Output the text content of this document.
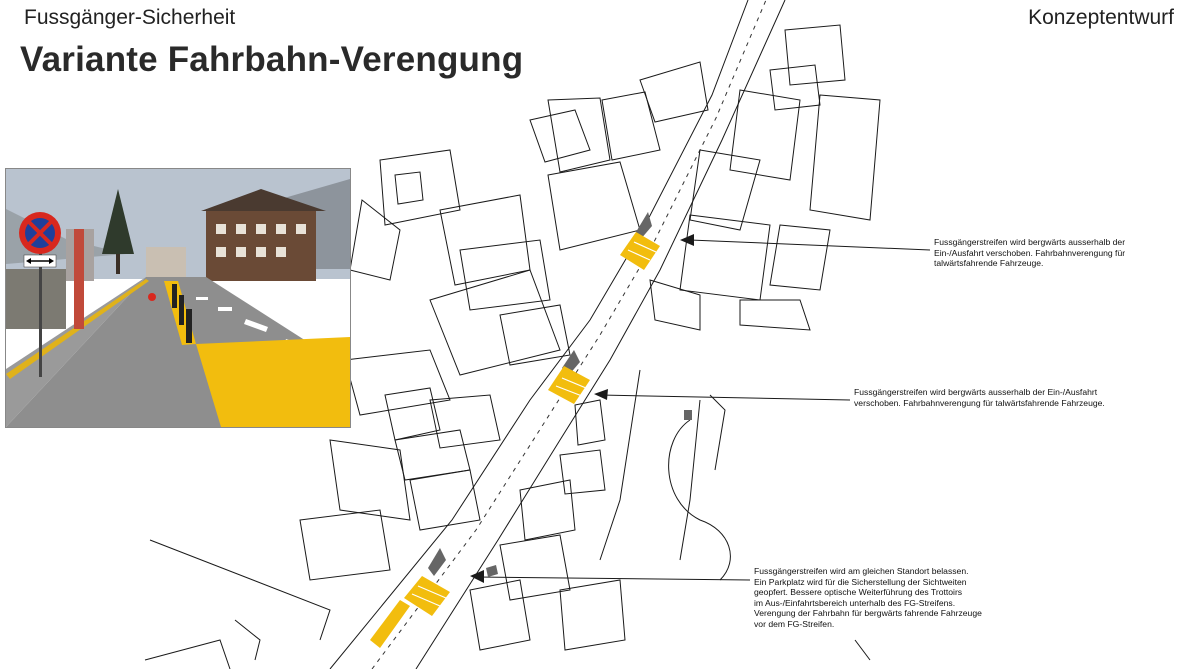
Fussgänger-Sicherheit	Konzeptentwurf
Variante Fahrbahn-Verengung
Fussgängerstreifen wird bergwärts ausserhalb der
Ein-/Ausfahrt verschoben. Fahrbahnverengung für
talwärtsfahrende Fahrzeuge.
Fussgängerstreifen wird bergwärts ausserhalb der Ein-/Ausfahrt
verschoben. Fahrbahnverengung für talwärtsfahrende Fahrzeuge.
Fussgängerstreifen wird am gleichen Standort belassen.
Ein Parkplatz wird für die Sicherstellung der Sichtweiten
geopfert. Bessere optische Weiterführung des Trottoirs
im Aus-/Einfahrtsbereich unterhalb des FG-Streifens.
Verengung der Fahrbahn für bergwärts fahrende Fahrzeuge
vor dem FG-Streifen.
